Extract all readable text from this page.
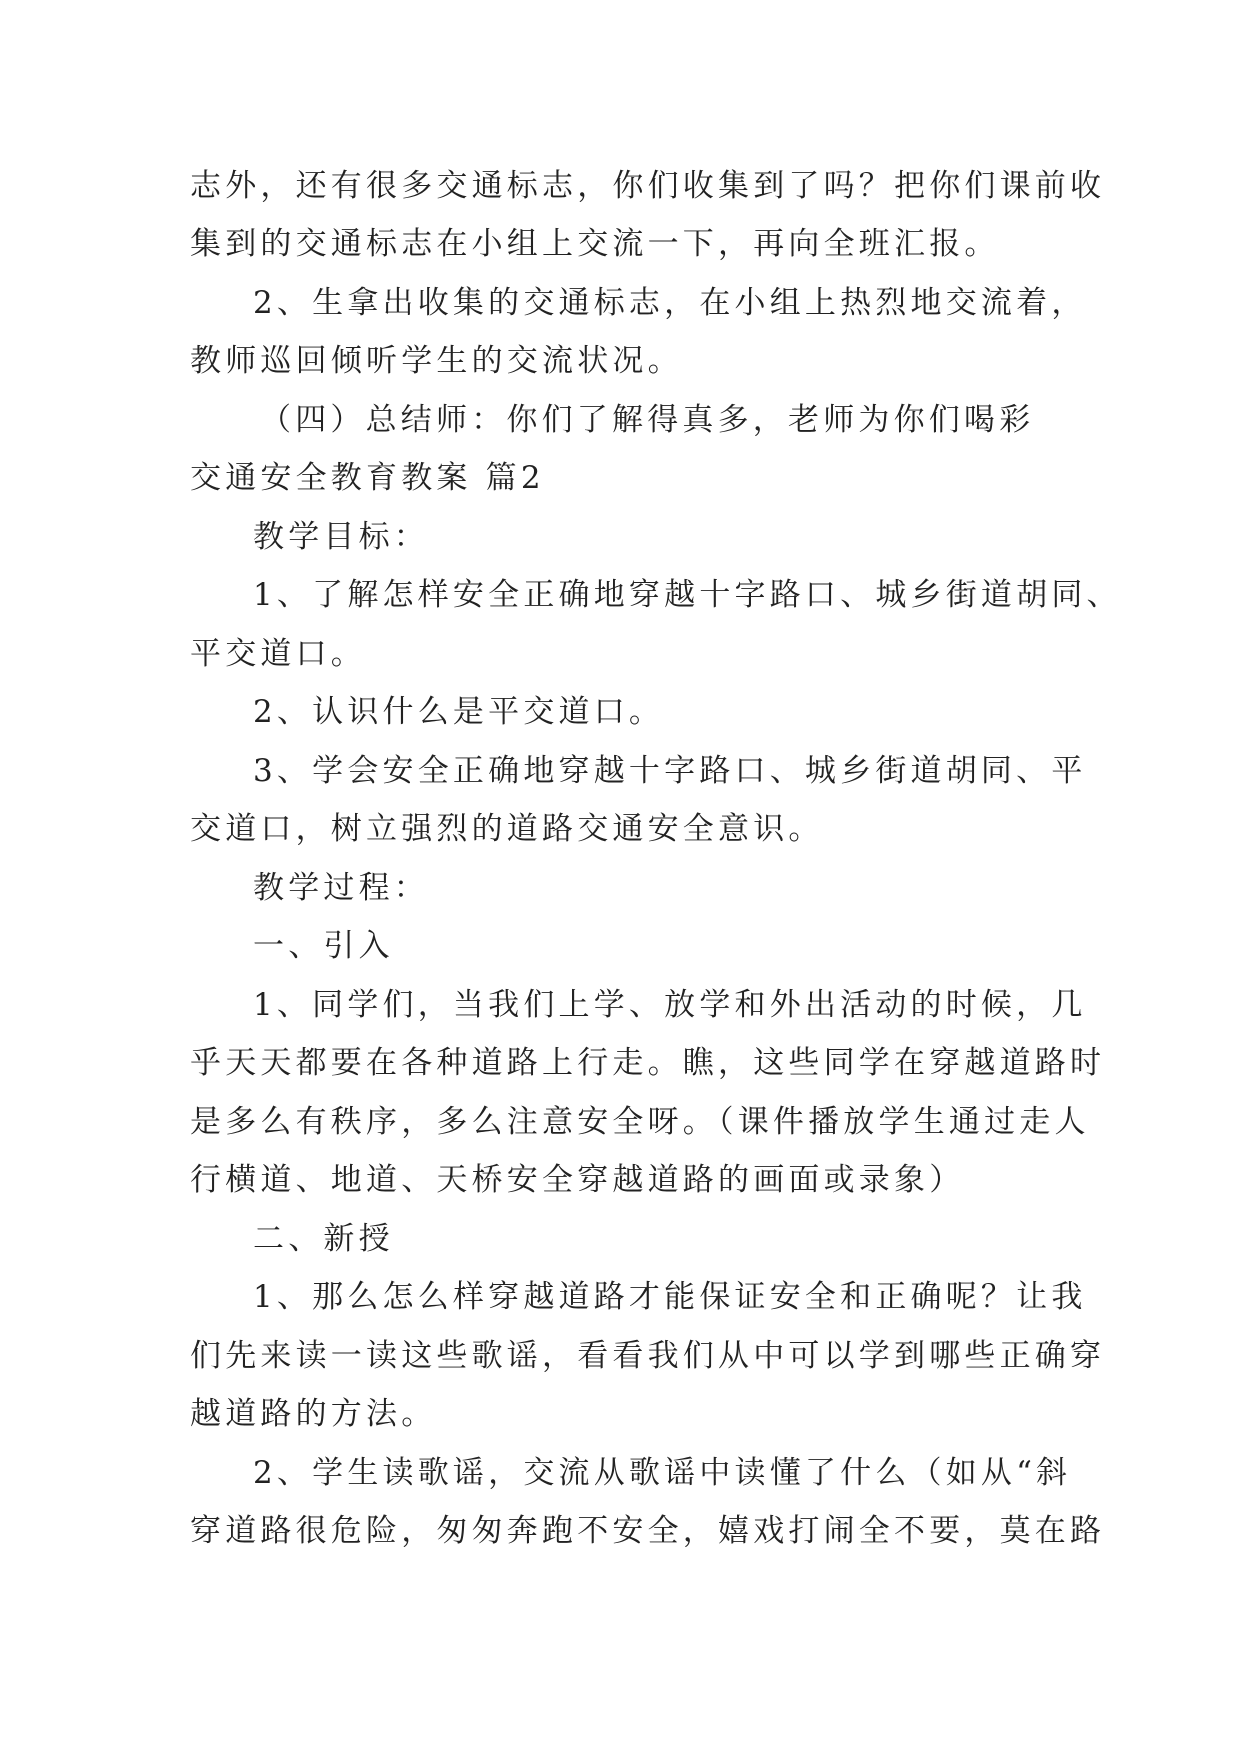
志外，还有很多交通标志，你们收集到了吗？把你们课前收

集到的交通标志在小组上交流一下，再向全班汇报。

2、生拿出收集的交通标志，在小组上热烈地交流着，

教师巡回倾听学生的交流状况。

（四）总结师：你们了解得真多，老师为你们喝彩

交通安全教育教案 篇2

教学目标：

1、了解怎样安全正确地穿越十字路口、城乡街道胡同、

平交道口。

2、认识什么是平交道口。

3、学会安全正确地穿越十字路口、城乡街道胡同、平

交道口，树立强烈的道路交通安全意识。

教学过程：

一、引入

1、同学们，当我们上学、放学和外出活动的时候，几

乎天天都要在各种道路上行走。瞧，这些同学在穿越道路时

是多么有秩序，多么注意安全呀。（课件播放学生通过走人

行横道、地道、天桥安全穿越道路的画面或录象）

二、新授

1、那么怎么样穿越道路才能保证安全和正确呢？让我

们先来读一读这些歌谣，看看我们从中可以学到哪些正确穿

越道路的方法。

2、学生读歌谣，交流从歌谣中读懂了什么（如从“斜

穿道路很危险，匆匆奔跑不安全，嬉戏打闹全不要，莫在路
